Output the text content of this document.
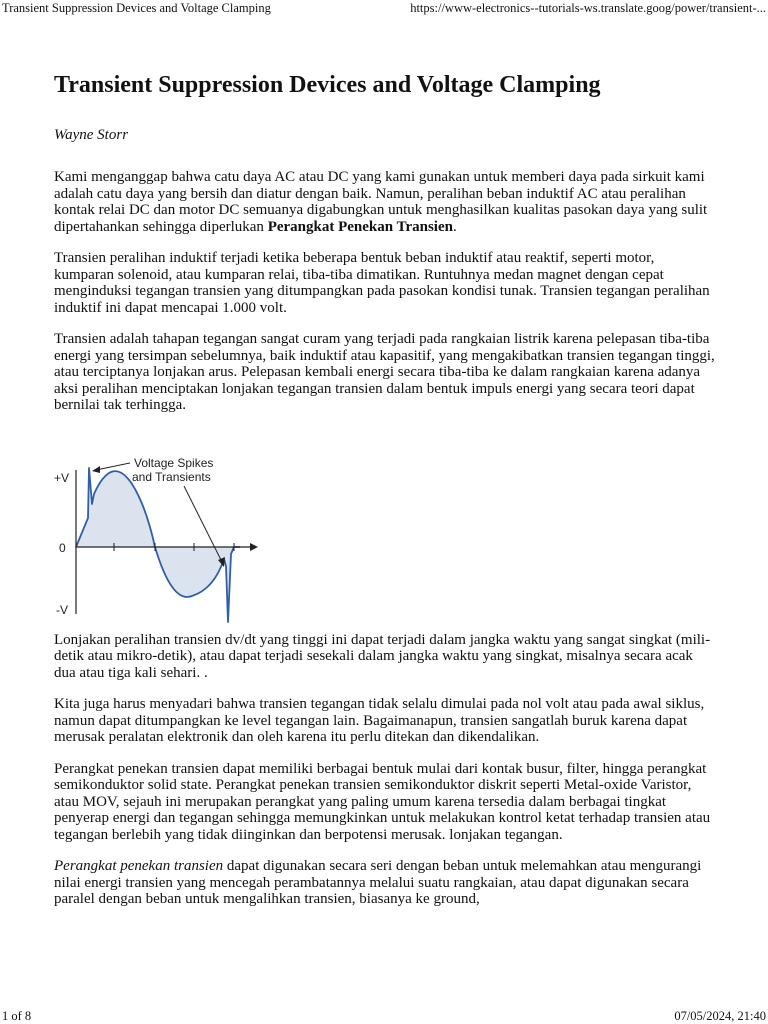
Transient Suppression Devices and Voltage Clamping	https://www-electronics--tutorials-ws.translate.goog/power/transient-...
Transient Suppression Devices and Voltage Clamping
Wayne Storr

Kami menganggap bahwa catu daya AC atau DC yang kami gunakan untuk memberi daya pada sirkuit kami adalah catu daya yang bersih dan diatur dengan baik. Namun, peralihan beban induktif AC atau peralihan kontak relai DC dan motor DC semuanya digabungkan untuk menghasilkan kualitas pasokan daya yang sulit dipertahankan sehingga diperlukan Perangkat Penekan Transien.

Transien peralihan induktif terjadi ketika beberapa bentuk beban induktif atau reaktif, seperti motor, kumparan solenoid, atau kumparan relai, tiba-tiba dimatikan. Runtuhnya medan magnet dengan cepat menginduksi tegangan transien yang ditumpangkan pada pasokan kondisi tunak. Transien tegangan peralihan induktif ini dapat mencapai 1.000 volt.

Transien adalah tahapan tegangan sangat curam yang terjadi pada rangkaian listrik karena pelepasan tiba-tiba energi yang tersimpan sebelumnya, baik induktif atau kapasitif, yang mengakibatkan transien tegangan tinggi, atau terciptanya lonjakan arus. Pelepasan kembali energi secara tiba-tiba ke dalam rangkaian karena adanya aksi peralihan menciptakan lonjakan tegangan transien dalam bentuk impuls energi yang secara teori dapat bernilai tak terhingga.

+V
0
-V
Voltage Spikes
and Transients

Lonjakan peralihan transien dv/dt yang tinggi ini dapat terjadi dalam jangka waktu yang sangat singkat (mili-detik atau mikro-detik), atau dapat terjadi sesekali dalam jangka waktu yang singkat, misalnya secara acak dua atau tiga kali sehari. .

Kita juga harus menyadari bahwa transien tegangan tidak selalu dimulai pada nol volt atau pada awal siklus, namun dapat ditumpangkan ke level tegangan lain. Bagaimanapun, transien sangatlah buruk karena dapat merusak peralatan elektronik dan oleh karena itu perlu ditekan dan dikendalikan.

Perangkat penekan transien dapat memiliki berbagai bentuk mulai dari kontak busur, filter, hingga perangkat semikonduktor solid state. Perangkat penekan transien semikonduktor diskrit seperti Metal-oxide Varistor, atau MOV, sejauh ini merupakan perangkat yang paling umum karena tersedia dalam berbagai tingkat penyerap energi dan tegangan sehingga memungkinkan untuk melakukan kontrol ketat terhadap transien atau tegangan berlebih yang tidak diinginkan dan berpotensi merusak. lonjakan tegangan.

Perangkat penekan transien dapat digunakan secara seri dengan beban untuk melemahkan atau mengurangi nilai energi transien yang mencegah perambatannya melalui suatu rangkaian, atau dapat digunakan secara paralel dengan beban untuk mengalihkan transien, biasanya ke ground,

1 of 8	07/05/2024, 21:40
